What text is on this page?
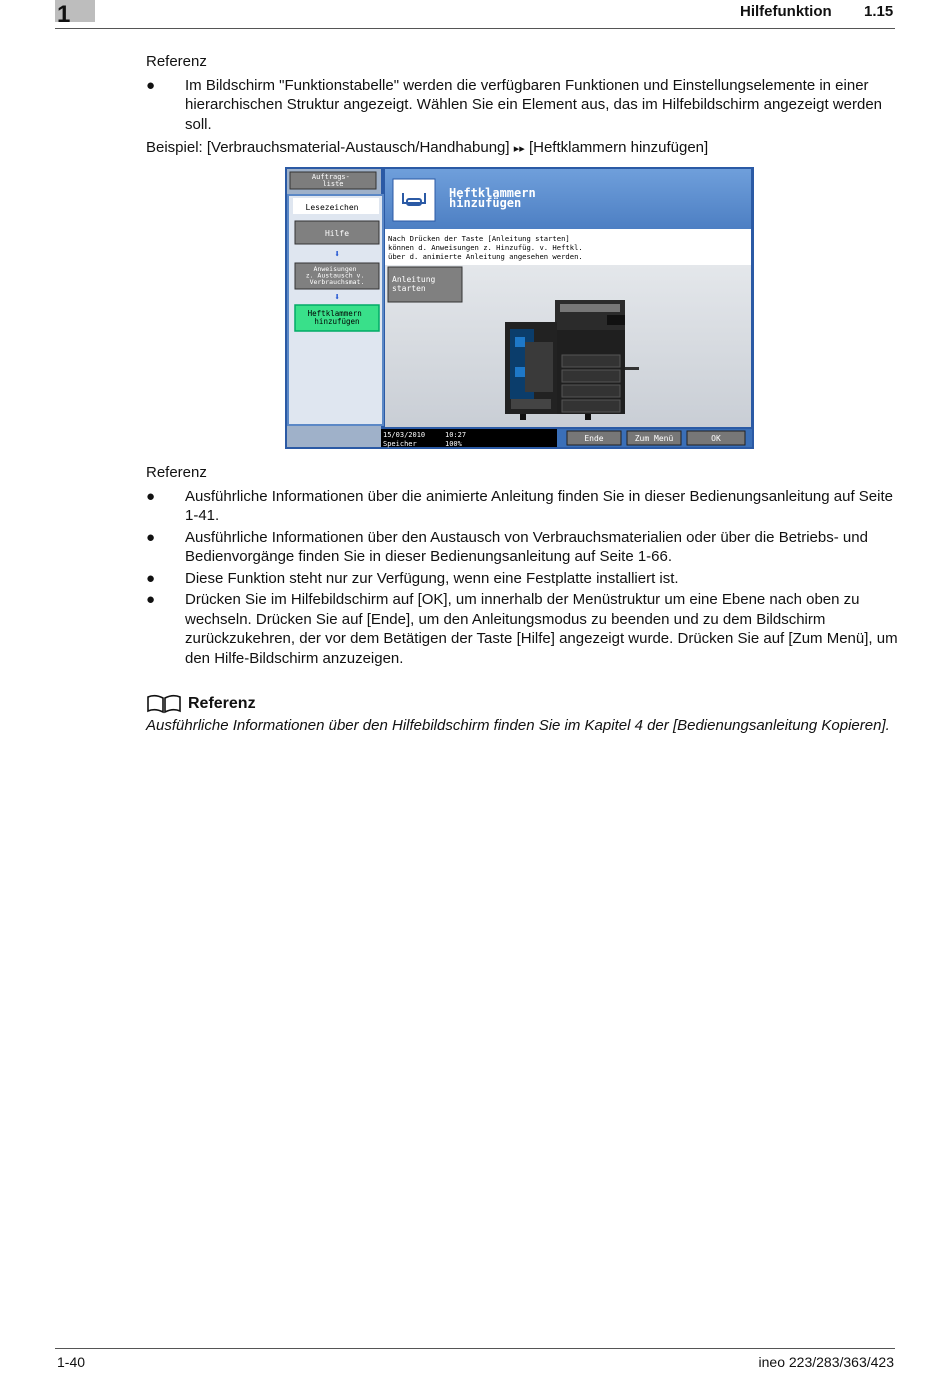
1	Hilfefunktion 1.15

Referenz

● Im Bildschirm "Funktionstabelle" werden die verfügbaren Funktionen und Einstellungselemente in einer hierarchischen Struktur angezeigt. Wählen Sie ein Element aus, das im Hilfebildschirm angezeigt werden soll.

Beispiel: [Verbrauchsmaterial-Austausch/Handhabung] ▸▸ [Heftklammern hinzufügen]

Auftrags- liste
Lesezeichen
Hilfe
⬇
Anweisungen z. Austausch v. Verbrauchsmat.
⬇
Heftklammern hinzufügen
Heftklammern hinzufügen
Nach Drücken der Taste [Anleitung starten]
können d. Anweisungen z. Hinzufüg. v. Heftkl.
über d. animierte Anleitung angesehen werden.
Anleitung starten
15/03/2010	10:27
Speicher	100%
Ende	Zum Menü	OK

Referenz

● Ausführliche Informationen über die animierte Anleitung finden Sie in dieser Bedienungsanleitung auf Seite 1-41.
● Ausführliche Informationen über den Austausch von Verbrauchsmaterialien oder über die Betriebs- und Bedienvorgänge finden Sie in dieser Bedienungsanleitung auf Seite 1-66.
● Diese Funktion steht nur zur Verfügung, wenn eine Festplatte installiert ist.
● Drücken Sie im Hilfebildschirm auf [OK], um innerhalb der Menüstruktur um eine Ebene nach oben zu wechseln. Drücken Sie auf [Ende], um den Anleitungsmodus zu beenden und zu dem Bildschirm zurückzukehren, der vor dem Betätigen der Taste [Hilfe] angezeigt wurde. Drücken Sie auf [Zum Menü], um den Hilfe-Bildschirm anzuzeigen.
Referenz
Ausführliche Informationen über den Hilfebildschirm finden Sie im Kapitel 4 der [Bedienungsanleitung Kopieren].
1-40	ineo 223/283/363/423
